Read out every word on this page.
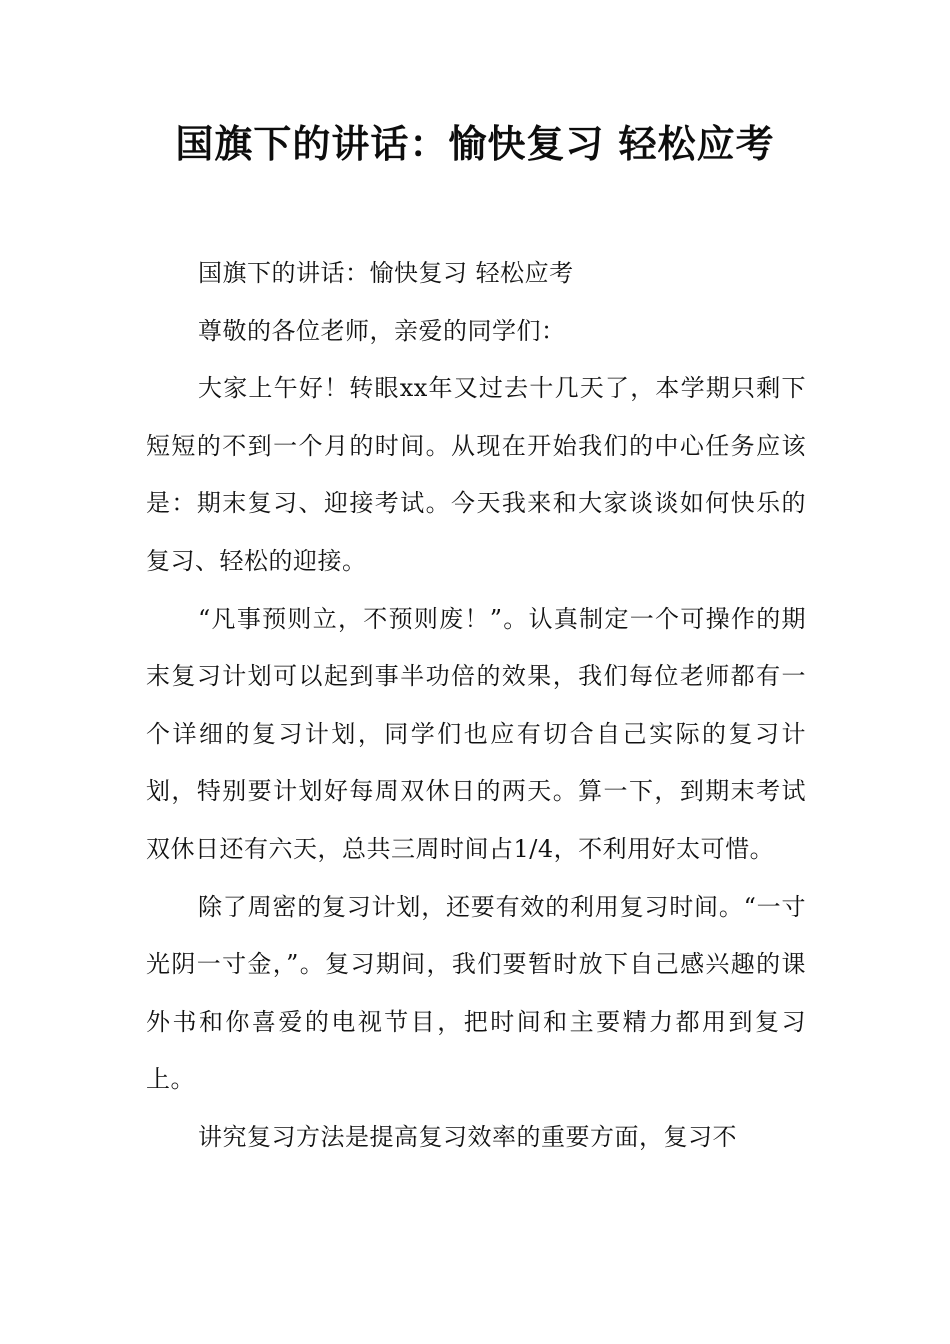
国旗下的讲话：愉快复习 轻松应考

国旗下的讲话：愉快复习 轻松应考

尊敬的各位老师，亲爱的同学们：

大家上午好！转眼xx年又过去十几天了，本学期只剩下短短的不到一个月的时间。从现在开始我们的中心任务应该是：期末复习、迎接考试。今天我来和大家谈谈如何快乐的复习、轻松的迎接。

“凡事预则立，不预则废！”。认真制定一个可操作的期末复习计划可以起到事半功倍的效果，我们每位老师都有一个详细的复习计划，同学们也应有切合自己实际的复习计划，特别要计划好每周双休日的两天。算一下，到期末考试双休日还有六天，总共三周时间占1/4，不利用好太可惜。

除了周密的复习计划，还要有效的利用复习时间。“一寸光阴一寸金，”。复习期间，我们要暂时放下自己感兴趣的课外书和你喜爱的电视节目，把时间和主要精力都用到复习上。

讲究复习方法是提高复习效率的重要方面，复习不
